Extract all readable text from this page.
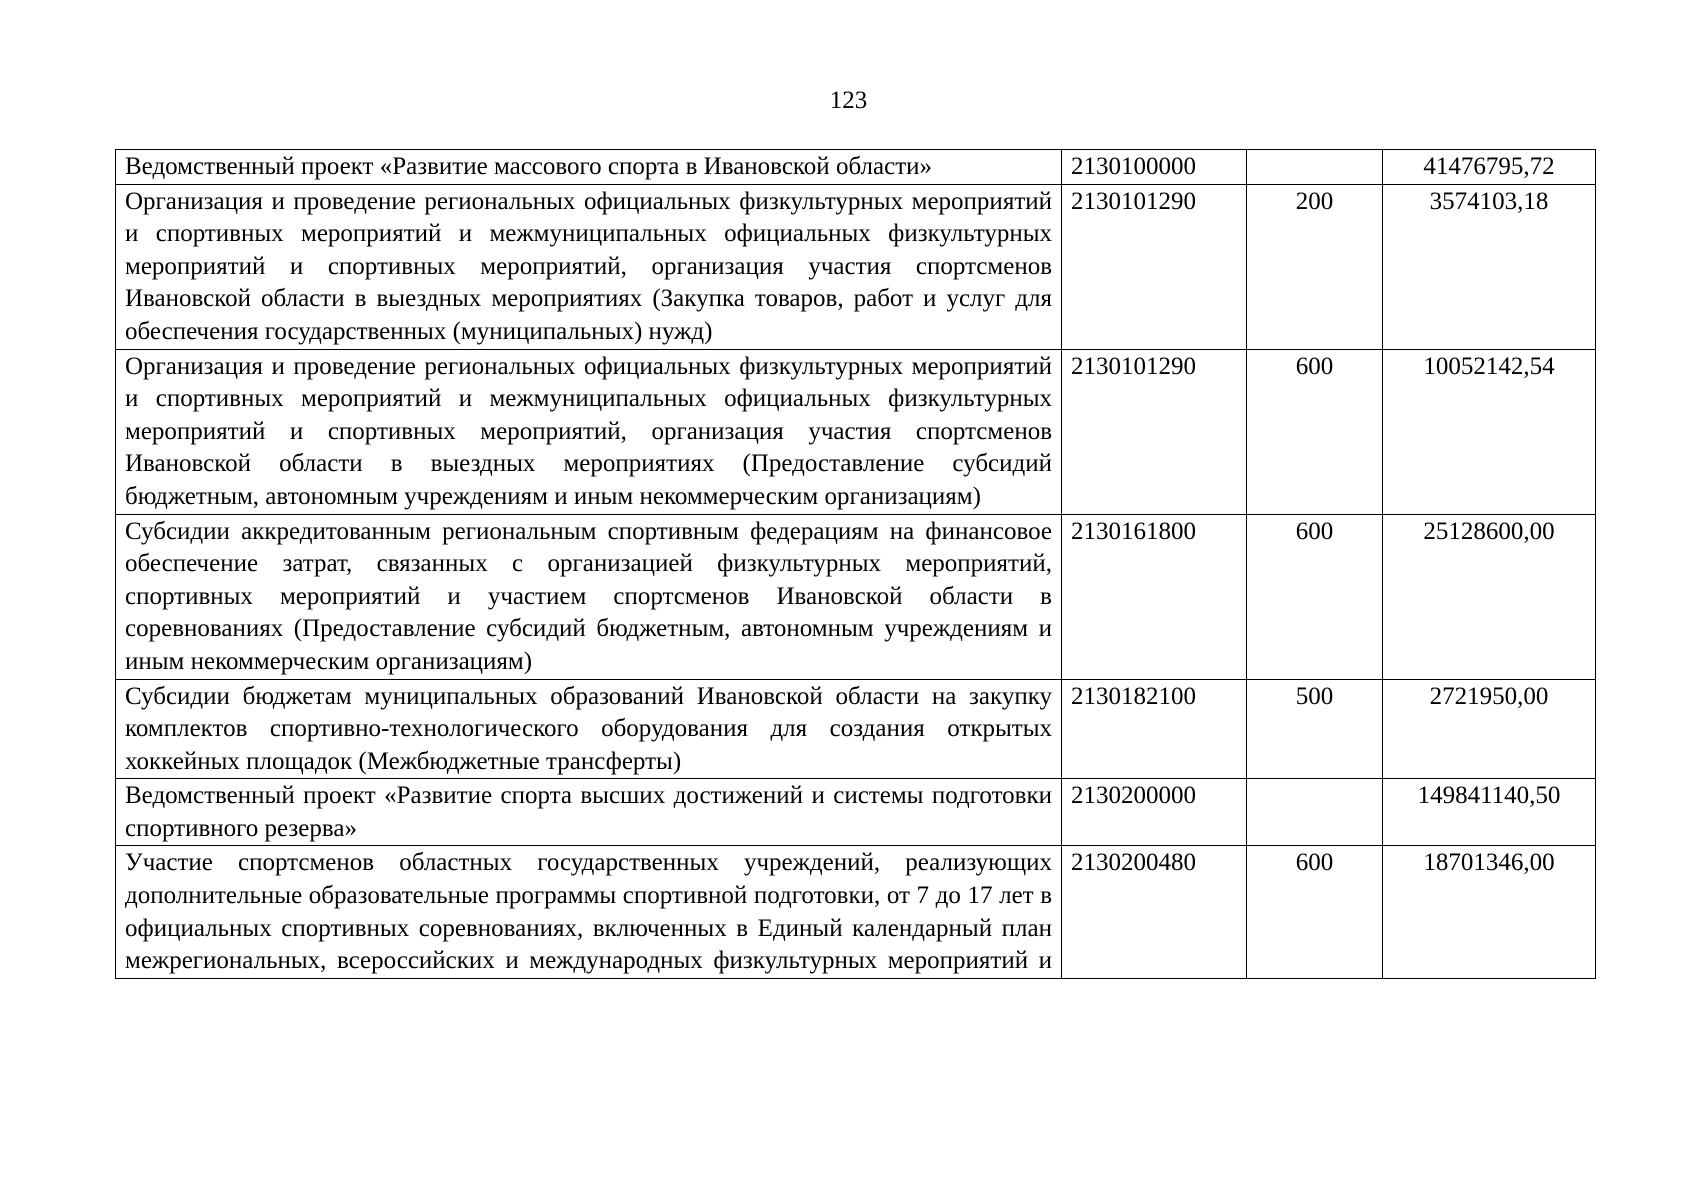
123
Ведомственный проект «Развитие массового спорта в Ивановской области»	2130100000		41476795,72
Организация и проведение региональных официальных физкультурных мероприятий и спортивных мероприятий и межмуниципальных официальных физкультурных мероприятий и спортивных мероприятий, организация участия спортсменов Ивановской области в выездных мероприятиях (Закупка товаров, работ и услуг для обеспечения государственных (муниципальных) нужд)	2130101290	200	3574103,18
Организация и проведение региональных официальных физкультурных мероприятий и спортивных мероприятий и межмуниципальных официальных физкультурных мероприятий и спортивных мероприятий, организация участия спортсменов Ивановской области в выездных мероприятиях (Предоставление субсидий бюджетным, автономным учреждениям и иным некоммерческим организациям)	2130101290	600	10052142,54
Субсидии аккредитованным региональным спортивным федерациям на финансовое обеспечение затрат, связанных с организацией физкультурных мероприятий, спортивных мероприятий и участием спортсменов Ивановской области в соревнованиях (Предоставление субсидий бюджетным, автономным учреждениям и иным некоммерческим организациям)	2130161800	600	25128600,00
Субсидии бюджетам муниципальных образований Ивановской области на закупку комплектов спортивно-технологического оборудования для создания открытых хоккейных площадок (Межбюджетные трансферты)	2130182100	500	2721950,00
Ведомственный проект «Развитие спорта высших достижений и системы подготовки спортивного резерва»	2130200000		149841140,50
Участие спортсменов областных государственных учреждений, реализующих дополнительные образовательные программы спортивной подготовки, от 7 до 17 лет в официальных спортивных соревнованиях, включенных в Единый календарный план межрегиональных, всероссийских и международных физкультурных мероприятий и	2130200480	600	18701346,00
